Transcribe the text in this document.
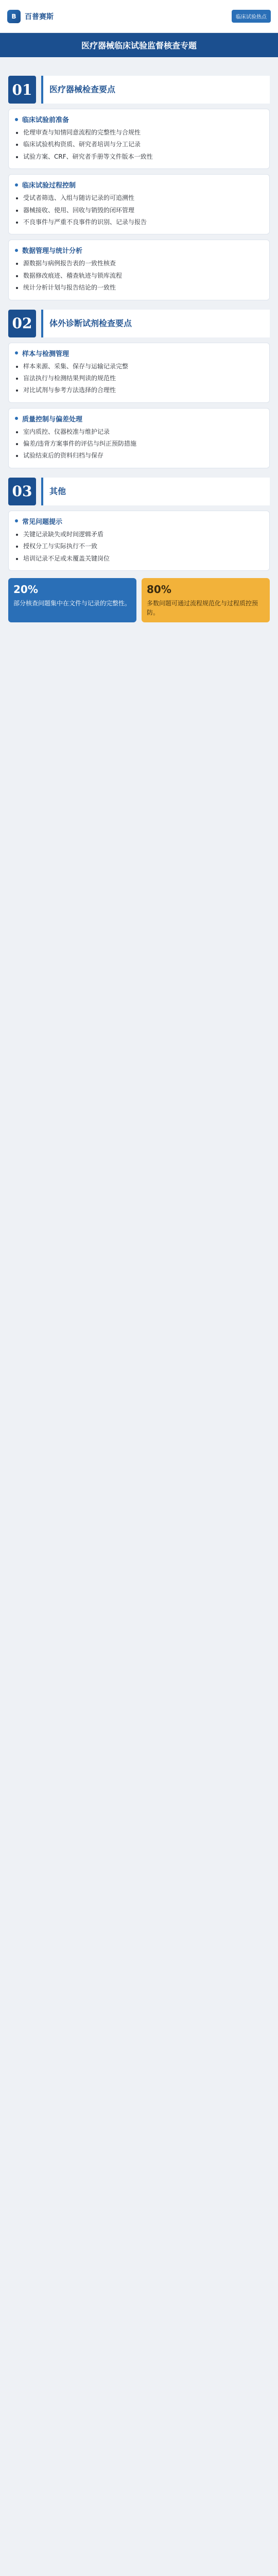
B	百普赛斯	临床试验热点
医疗器械临床试验监督核查专题
01	医疗器械检查要点
临床试验前准备
• 伦理审查与知情同意流程的完整性与合规性
• 临床试验机构资质、研究者培训与分工记录
• 试验方案、CRF、研究者手册等文件版本一致性
临床试验过程控制
• 受试者筛选、入组与随访记录的可追溯性
• 器械接收、使用、回收与销毁的闭环管理
• 不良事件与严重不良事件的识别、记录与报告
数据管理与统计分析
• 源数据与病例报告表的一致性核查
• 数据修改痕迹、稽查轨迹与锁库流程
• 统计分析计划与报告结论的一致性
02	体外诊断试剂检查要点
样本与检测管理
• 样本来源、采集、保存与运输记录完整
• 盲法执行与检测结果判读的规范性
• 对比试剂与参考方法选择的合理性
质量控制与偏差处理
• 室内质控、仪器校准与维护记录
• 偏差/违背方案事件的评估与纠正预防措施
• 试验结束后的资料归档与保存
03	其他
常见问题提示
• 关键记录缺失或时间逻辑矛盾
• 授权分工与实际执行不一致
• 培训记录不足或未覆盖关键岗位
20%
部分核查问题集中在文件与记录的完整性。
80%
多数问题可通过流程规范化与过程质控预防。
